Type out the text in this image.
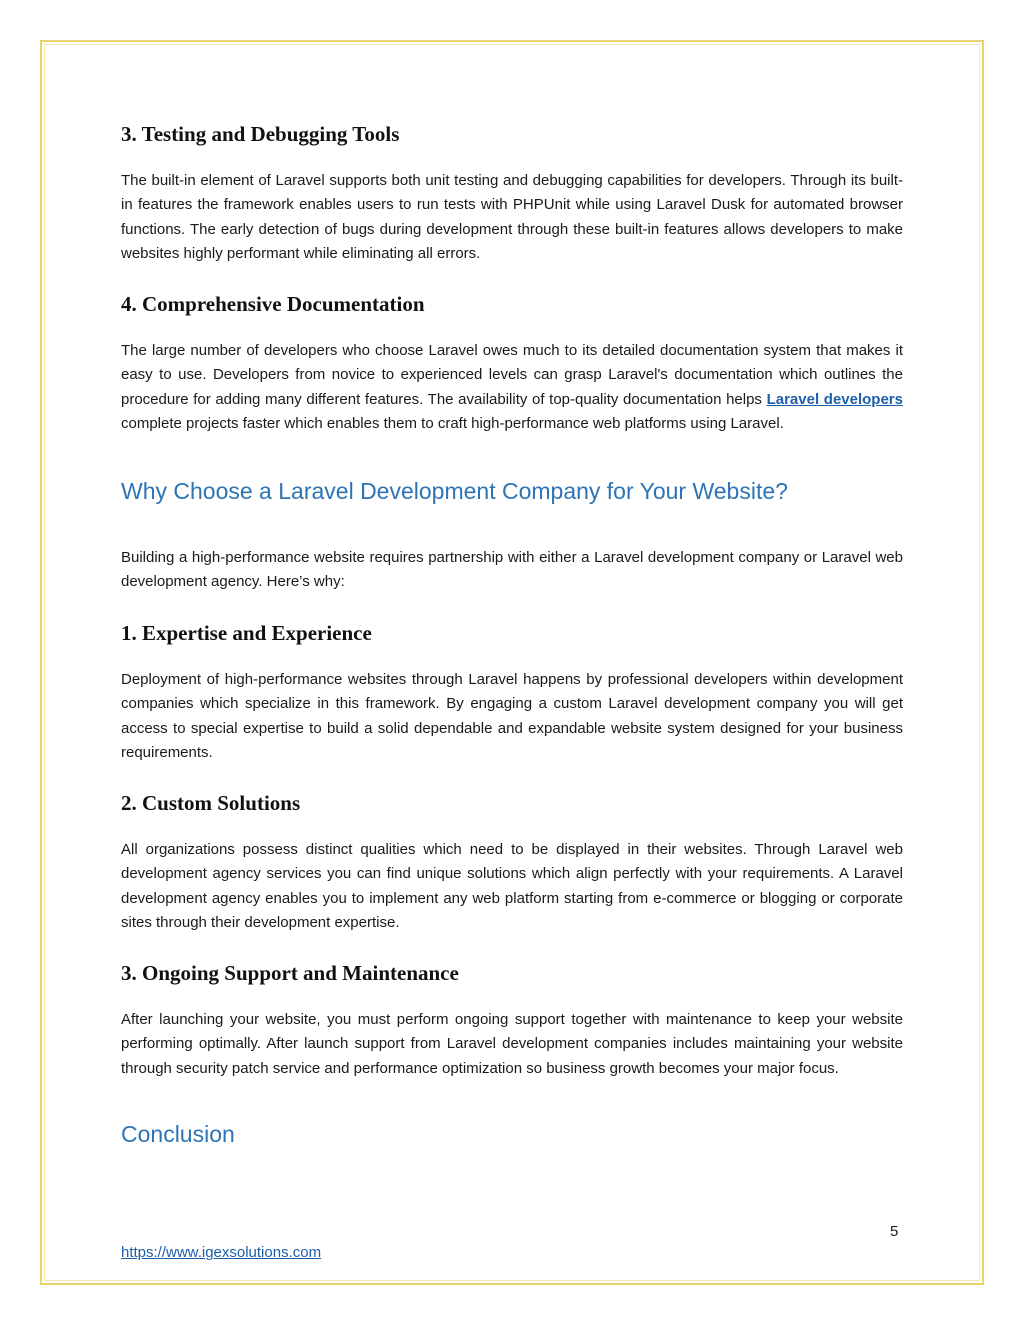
3. Testing and Debugging Tools

The built-in element of Laravel supports both unit testing and debugging capabilities for developers. Through its built-in features the framework enables users to run tests with PHPUnit while using Laravel Dusk for automated browser functions. The early detection of bugs during development through these built-in features allows developers to make websites highly performant while eliminating all errors.

4. Comprehensive Documentation

The large number of developers who choose Laravel owes much to its detailed documentation system that makes it easy to use. Developers from novice to experienced levels can grasp Laravel's documentation which outlines the procedure for adding many different features. The availability of top-quality documentation helps Laravel developers complete projects faster which enables them to craft high-performance web platforms using Laravel.

Why Choose a Laravel Development Company for Your Website?

Building a high-performance website requires partnership with either a Laravel development company or Laravel web development agency. Here’s why:

1. Expertise and Experience

Deployment of high-performance websites through Laravel happens by professional developers within development companies which specialize in this framework. By engaging a custom Laravel development company you will get access to special expertise to build a solid dependable and expandable website system designed for your business requirements.

2. Custom Solutions

All organizations possess distinct qualities which need to be displayed in their websites. Through Laravel web development agency services you can find unique solutions which align perfectly with your requirements. A Laravel development agency enables you to implement any web platform starting from e-commerce or blogging or corporate sites through their development expertise.

3. Ongoing Support and Maintenance

After launching your website, you must perform ongoing support together with maintenance to keep your website performing optimally. After launch support from Laravel development companies includes maintaining your website through security patch service and performance optimization so business growth becomes your major focus.

Conclusion
5
https://www.igexsolutions.com
